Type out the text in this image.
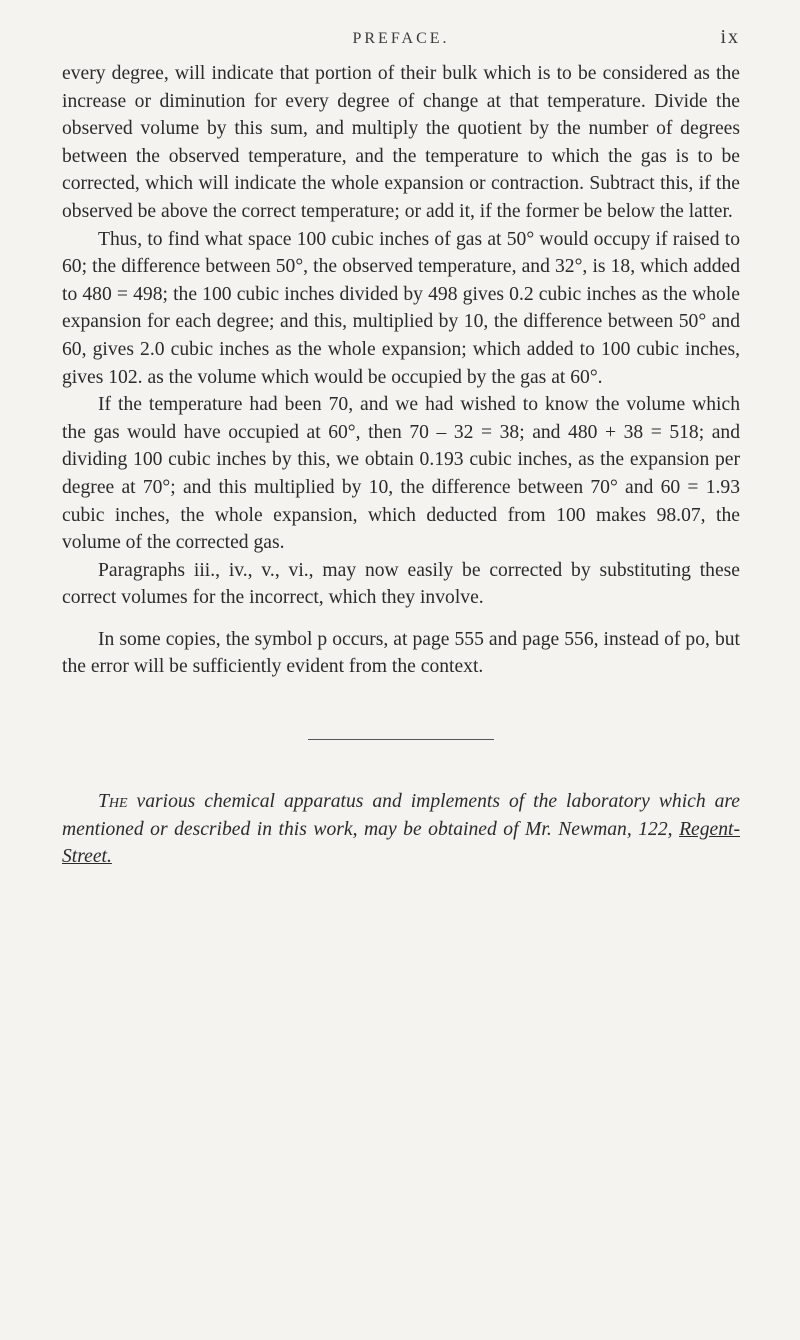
PREFACE.	ix

every degree, will indicate that portion of their bulk which is to be considered as the increase or diminution for every degree of change at that temperature. Divide the observed volume by this sum, and multiply the quotient by the number of degrees between the observed temperature, and the temperature to which the gas is to be corrected, which will indicate the whole expansion or contraction. Subtract this, if the observed be above the correct temperature; or add it, if the former be below the latter.

Thus, to find what space 100 cubic inches of gas at 50° would occupy if raised to 60; the difference between 50°, the observed temperature, and 32°, is 18, which added to 480 = 498; the 100 cubic inches divided by 498 gives 0.2 cubic inches as the whole expansion for each degree; and this, multiplied by 10, the difference between 50° and 60, gives 2.0 cubic inches as the whole expansion; which added to 100 cubic inches, gives 102. as the volume which would be occupied by the gas at 60°.

If the temperature had been 70, and we had wished to know the volume which the gas would have occupied at 60°, then 70 – 32 = 38; and 480 + 38 = 518; and dividing 100 cubic inches by this, we obtain 0.193 cubic inches, as the expansion per degree at 70°; and this multiplied by 10, the difference between 70° and 60 = 1.93 cubic inches, the whole expansion, which deducted from 100 makes 98.07, the volume of the corrected gas.

Paragraphs iii., iv., v., vi., may now easily be corrected by substituting these correct volumes for the incorrect, which they involve.

In some copies, the symbol p occurs, at page 555 and page 556, instead of po, but the error will be sufficiently evident from the context.

The various chemical apparatus and implements of the laboratory which are mentioned or described in this work, may be obtained of Mr. Newman, 122, Regent-Street.
